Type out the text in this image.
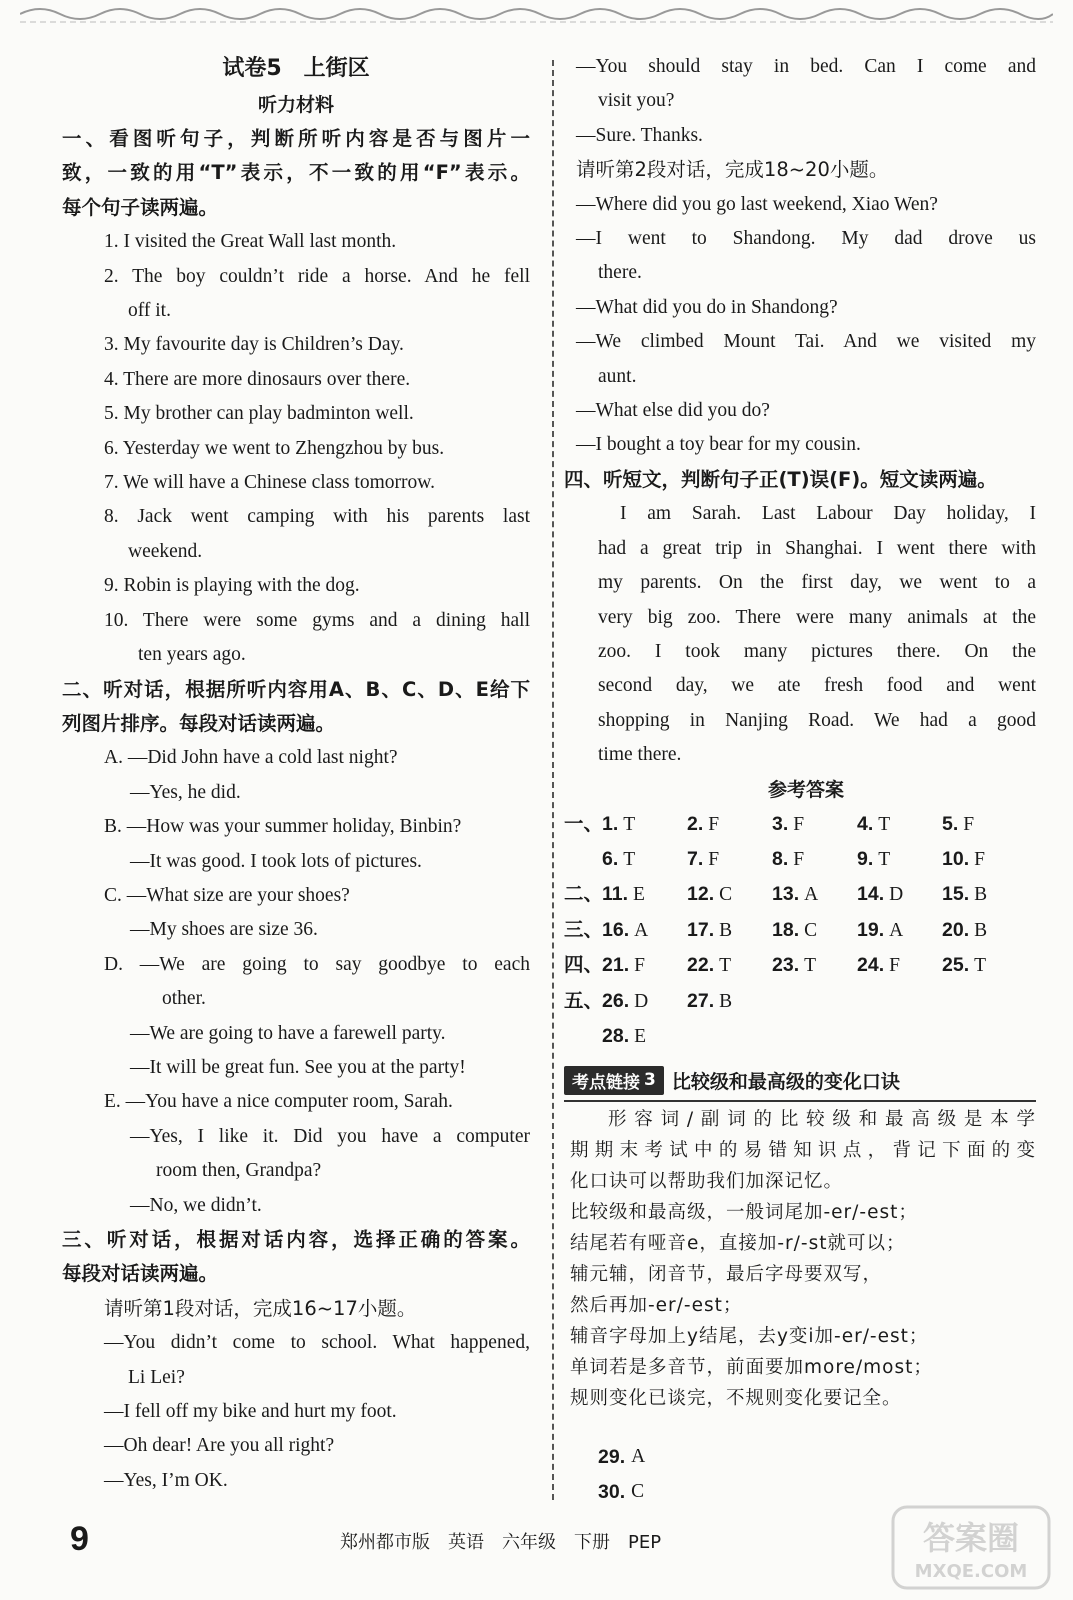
试卷5　上街区
听力材料
一、看图听句子，判断所听内容是否与图片一
致，一致的用“T”表示，不一致的用“F”表示。
每个句子读两遍。
1. I visited the Great Wall last month.
2. The boy couldn’t ride a horse. And he fell
off it.
3. My favourite day is Children’s Day.
4. There are more dinosaurs over there.
5. My brother can play badminton well.
6. Yesterday we went to Zhengzhou by bus.
7. We will have a Chinese class tomorrow.
8. Jack went camping with his parents last
weekend.
9. Robin is playing with the dog.
10. There were some gyms and a dining hall
ten years ago.
二、听对话，根据所听内容用A、B、C、D、E给下
列图片排序。每段对话读两遍。
A. —Did John have a cold last night?
—Yes, he did.
B. —How was your summer holiday, Binbin?
—It was good. I took lots of pictures.
C. —What size are your shoes?
—My shoes are size 36.
D. —We are going to say goodbye to each
other.
—We are going to have a farewell party.
—It will be great fun. See you at the party!
E. —You have a nice computer room, Sarah.
—Yes, I like it. Did you have a computer
room then, Grandpa?
—No, we didn’t.
三、听对话，根据对话内容，选择正确的答案。
每段对话读两遍。
请听第1段对话，完成16~17小题。
—You didn’t come to school. What happened,
Li Lei?
—I fell off my bike and hurt my foot.
—Oh dear! Are you all right?
—Yes, I’m OK.
—You should stay in bed. Can I come and
visit you?
—Sure. Thanks.
请听第2段对话，完成18~20小题。
—Where did you go last weekend, Xiao Wen?
—I went to Shandong. My dad drove us
there.
—What did you do in Shandong?
—We climbed Mount Tai. And we visited my
aunt.
—What else did you do?
—I bought a toy bear for my cousin.
四、听短文，判断句子正(T)误(F)。短文读两遍。
I am Sarah. Last Labour Day holiday, I
had a great trip in Shanghai. I went there with
my parents. On the first day, we went to a
very big zoo. There were many animals at the
zoo. I took many pictures there. On the
second day, we ate fresh food and went
shopping in Nanjing Road. We had a good
time there.
参考答案
一、
1. T	2. F	3. F	4. T	5. F
6. T	7. F	8. F	9. T	10. F
二、
11. E	12. C	13. A	14. D	15. B
三、
16. A	17. B	18. C	19. A	20. B
四、
21. F	22. T	23. T	24. F	25. T
五、
26. D	27. B
28. E
考点链接 3 比较级和最高级的变化口诀
形容词/副词的比较级和最高级是本学
期期末考试中的易错知识点，背记下面的变
化口诀可以帮助我们加深记忆。
比较级和最高级，一般词尾加-er/-est；
结尾若有哑音e，直接加-r/-st就可以；
辅元辅，闭音节，最后字母要双写，
然后再加-er/-est；
辅音字母加上y结尾，去y变i加-er/-est；
单词若是多音节，前面要加more/most；
规则变化已谈完，不规则变化要记全。
29. A
30. C
9	郑州都市版　英语　六年级　下册　PEP	答案圈
MXQE.COM
